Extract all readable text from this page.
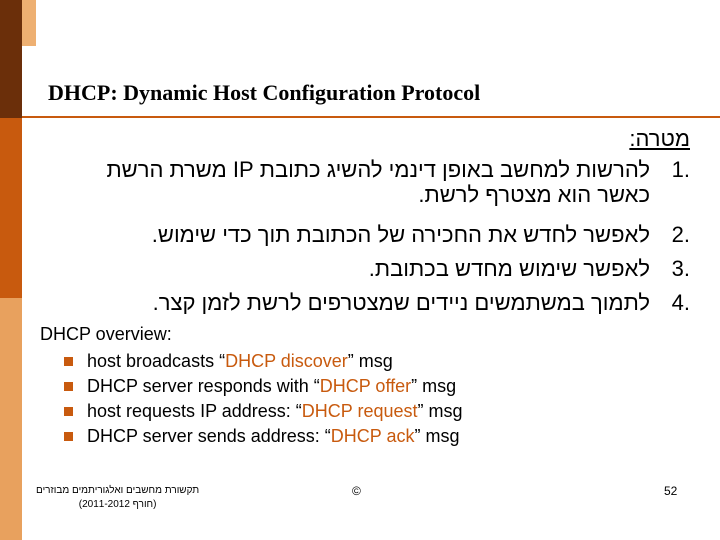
DHCP: Dynamic Host Configuration Protocol
מטרה:
.1
להרשות למחשב באופן דינמי להשיג כתובת IP משרת הרשת
כאשר הוא מצטרף לרשת.
.2
לאפשר לחדש את החכירה של הכתובת תוך כדי שימוש.
.3
לאפשר שימוש מחדש בכתובת.
.4
לתמוך במשתמשים ניידים שמצטרפים לרשת לזמן קצר.
DHCP overview:
host broadcasts “ DHCP discover ” msg
DHCP server responds with “ DHCP offer ” msg
host requests IP address: “ DHCP request ” msg
DHCP server sends address: “ DHCP ack ” msg
תקשורת מחשבים ואלגוריתמים מבוזרים
(חורף 2011-2012)
©	52
